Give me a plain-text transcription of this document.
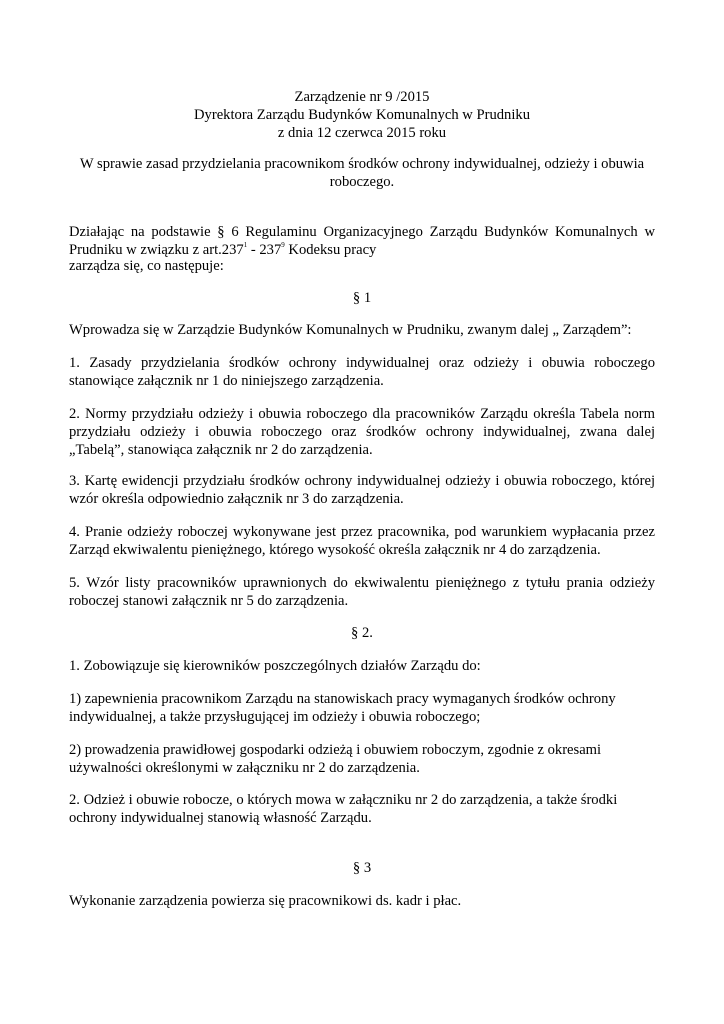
Zarządzenie nr 9 /2015
Dyrektora Zarządu Budynków Komunalnych w Prudniku
z dnia 12 czerwca 2015 roku
W sprawie zasad przydzielania pracownikom środków ochrony indywidualnej, odzieży i obuwia
roboczego.
Działając na podstawie § 6 Regulaminu Organizacyjnego Zarządu Budynków Komunalnych w
Prudniku w związku z $art.237^1 - 237^9$ Kodeksu pracy
zarządza się, co następuje:
§ 1
Wprowadza się w Zarządzie Budynków Komunalnych w Prudniku, zwanym dalej „ Zarządem”:
1. Zasady przydzielania środków ochrony indywidualnej oraz odzieży i obuwia roboczego
stanowiące załącznik nr 1 do niniejszego zarządzenia.
2. Normy przydziału odzieży i obuwia roboczego dla pracowników Zarządu określa Tabela norm
przydziału odzieży i obuwia roboczego oraz środków ochrony indywidualnej, zwana dalej
„Tabelą”, stanowiąca załącznik nr 2 do zarządzenia.
3. Kartę ewidencji przydziału środków ochrony indywidualnej odzieży i obuwia roboczego, której
wzór określa odpowiednio załącznik nr 3 do zarządzenia.
4. Pranie odzieży roboczej wykonywane jest przez pracownika, pod warunkiem wypłacania przez
Zarząd ekwiwalentu pieniężnego, którego wysokość określa załącznik nr 4 do zarządzenia.
5. Wzór listy pracowników uprawnionych do ekwiwalentu pieniężnego z tytułu prania odzieży
roboczej stanowi załącznik nr 5 do zarządzenia.
§ 2.
1. Zobowiązuje się kierowników poszczególnych działów Zarządu do:
1) zapewnienia pracownikom Zarządu na stanowiskach pracy wymaganych środków ochrony
indywidualnej, a także przysługującej im odzieży i obuwia roboczego;
2) prowadzenia prawidłowej gospodarki odzieżą i obuwiem roboczym, zgodnie z okresami
używalności określonymi w załączniku nr 2 do zarządzenia.
2. Odzież i obuwie robocze, o których mowa w załączniku nr 2 do zarządzenia, a także środki
ochrony indywidualnej stanowią własność Zarządu.
§ 3
Wykonanie zarządzenia powierza się pracownikowi ds. kadr i płac.
